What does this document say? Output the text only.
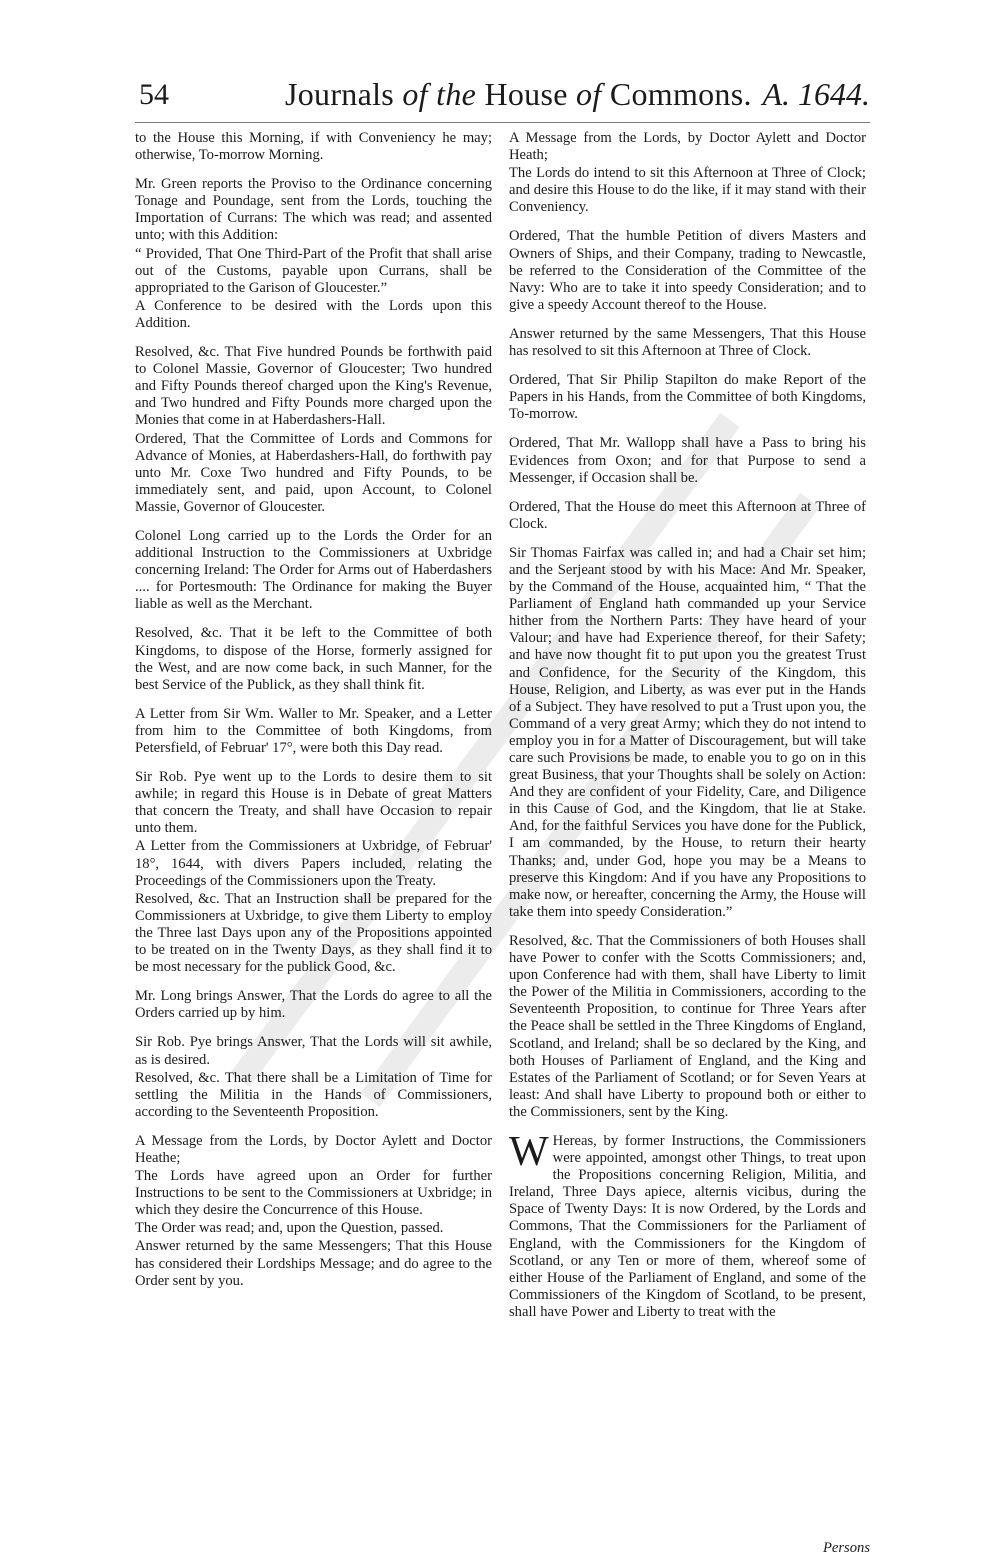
54	Journals of the House of Commons. A. 1644.

to the House this Morning, if with Conveniency he may; otherwise, To-morrow Morning.

Mr. Green reports the Proviso to the Ordinance concerning Tonage and Poundage, sent from the Lords, touching the Importation of Currans: The which was read; and assented unto; with this Addition:

“ Provided, That One Third-Part of the Profit that shall arise out of the Customs, payable upon Currans, shall be appropriated to the Garison of Gloucester.”

A Conference to be desired with the Lords upon this Addition.

Resolved, &c. That Five hundred Pounds be forthwith paid to Colonel Massie, Governor of Gloucester; Two hundred and Fifty Pounds thereof charged upon the King's Revenue, and Two hundred and Fifty Pounds more charged upon the Monies that come in at Haberdashers-Hall.

Ordered, That the Committee of Lords and Commons for Advance of Monies, at Haberdashers-Hall, do forthwith pay unto Mr. Coxe Two hundred and Fifty Pounds, to be immediately sent, and paid, upon Account, to Colonel Massie, Governor of Gloucester.

Colonel Long carried up to the Lords the Order for an additional Instruction to the Commissioners at Uxbridge concerning Ireland: The Order for Arms out of Haberdashers .... for Portesmouth: The Ordinance for making the Buyer liable as well as the Merchant.

Resolved, &c. That it be left to the Committee of both Kingdoms, to dispose of the Horse, formerly assigned for the West, and are now come back, in such Manner, for the best Service of the Publick, as they shall think fit.

A Letter from Sir Wm. Waller to Mr. Speaker, and a Letter from him to the Committee of both Kingdoms, from Petersfield, of Februar' 17°, were both this Day read.

Sir Rob. Pye went up to the Lords to desire them to sit awhile; in regard this House is in Debate of great Matters that concern the Treaty, and shall have Occasion to repair unto them.

A Letter from the Commissioners at Uxbridge, of Februar' 18°, 1644, with divers Papers included, relating the Proceedings of the Commissioners upon the Treaty.

Resolved, &c. That an Instruction shall be prepared for the Commissioners at Uxbridge, to give them Liberty to employ the Three last Days upon any of the Propositions appointed to be treated on in the Twenty Days, as they shall find it to be most necessary for the publick Good, &c.

Mr. Long brings Answer, That the Lords do agree to all the Orders carried up by him.

Sir Rob. Pye brings Answer, That the Lords will sit awhile, as is desired.

Resolved, &c. That there shall be a Limitation of Time for settling the Militia in the Hands of Commissioners, according to the Seventeenth Proposition.

A Message from the Lords, by Doctor Aylett and Doctor Heathe;

The Lords have agreed upon an Order for further Instructions to be sent to the Commissioners at Uxbridge; in which they desire the Concurrence of this House.

The Order was read; and, upon the Question, passed.

Answer returned by the same Messengers; That this House has considered their Lordships Message; and do agree to the Order sent by you.

A Message from the Lords, by Doctor Aylett and Doctor Heath;

The Lords do intend to sit this Afternoon at Three of Clock; and desire this House to do the like, if it may stand with their Conveniency.

Ordered, That the humble Petition of divers Masters and Owners of Ships, and their Company, trading to Newcastle, be referred to the Consideration of the Committee of the Navy: Who are to take it into speedy Consideration; and to give a speedy Account thereof to the House.

Answer returned by the same Messengers, That this House has resolved to sit this Afternoon at Three of Clock.

Ordered, That Sir Philip Stapilton do make Report of the Papers in his Hands, from the Committee of both Kingdoms, To-morrow.

Ordered, That Mr. Wallopp shall have a Pass to bring his Evidences from Oxon; and for that Purpose to send a Messenger, if Occasion shall be.

Ordered, That the House do meet this Afternoon at Three of Clock.

Sir Thomas Fairfax was called in; and had a Chair set him; and the Serjeant stood by with his Mace: And Mr. Speaker, by the Command of the House, acquainted him, “ That the Parliament of England hath commanded up your Service hither from the Northern Parts: They have heard of your Valour; and have had Experience thereof, for their Safety; and have now thought fit to put upon you the greatest Trust and Confidence, for the Security of the Kingdom, this House, Religion, and Liberty, as was ever put in the Hands of a Subject. They have resolved to put a Trust upon you, the Command of a very great Army; which they do not intend to employ you in for a Matter of Discouragement, but will take care such Provisions be made, to enable you to go on in this great Business, that your Thoughts shall be solely on Action: And they are confident of your Fidelity, Care, and Diligence in this Cause of God, and the Kingdom, that lie at Stake. And, for the faithful Services you have done for the Publick, I am commanded, by the House, to return their hearty Thanks; and, under God, hope you may be a Means to preserve this Kingdom: And if you have any Propositions to make now, or hereafter, concerning the Army, the House will take them into speedy Consideration.”

Resolved, &c. That the Commissioners of both Houses shall have Power to confer with the Scotts Commissioners; and, upon Conference had with them, shall have Liberty to limit the Power of the Militia in Commissioners, according to the Seventeenth Proposition, to continue for Three Years after the Peace shall be settled in the Three Kingdoms of England, Scotland, and Ireland; shall be so declared by the King, and both Houses of Parliament of England, and the King and Estates of the Parliament of Scotland; or for Seven Years at least: And shall have Liberty to propound both or either to the Commissioners, sent by the King.

W Hereas, by former Instructions, the Commissioners were appointed, amongst other Things, to treat upon the Propositions concerning Religion, Militia, and Ireland, Three Days apiece, alternis vicibus, during the Space of Twenty Days: It is now Ordered, by the Lords and Commons, That the Commissioners for the Parliament of England, with the Commissioners for the Kingdom of Scotland, or any Ten or more of them, whereof some of either House of the Parliament of England, and some of the Commissioners of the Kingdom of Scotland, to be present, shall have Power and Liberty to treat with the

Persons
